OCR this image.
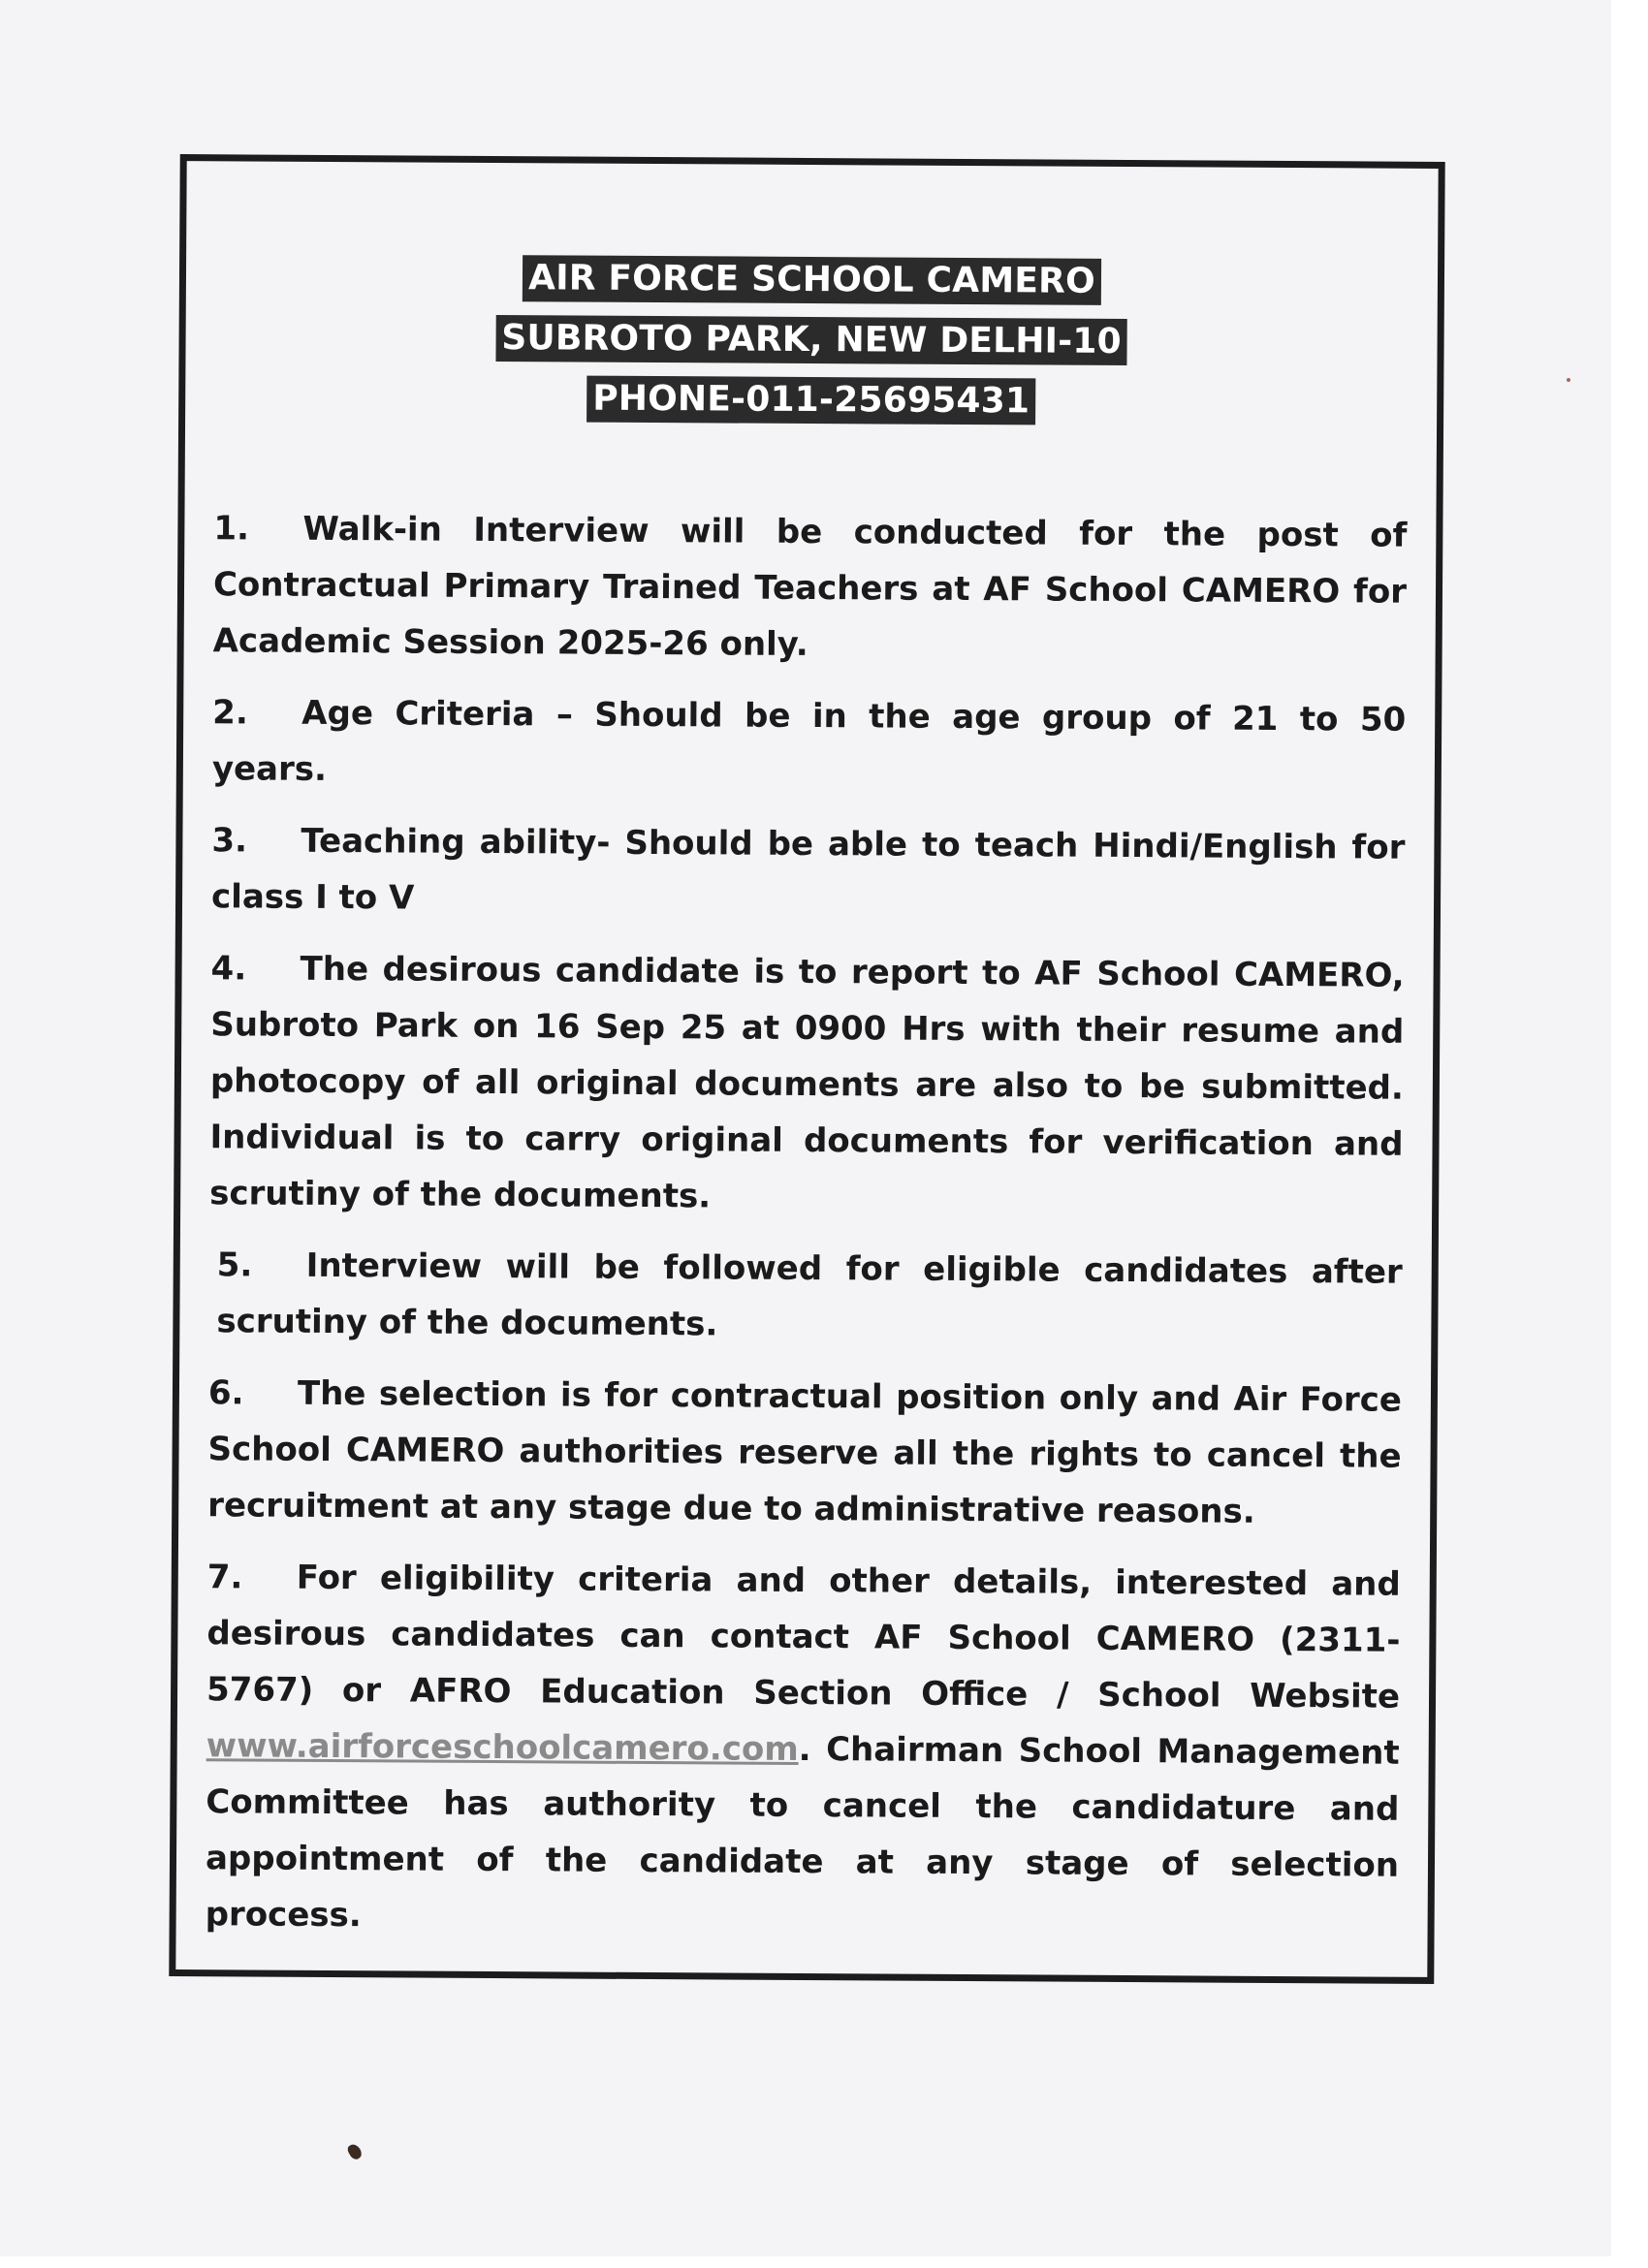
AIR FORCE SCHOOL CAMERO
SUBROTO PARK, NEW DELHI-10
PHONE-011-25695431

1. Walk-in Interview will be conducted for the post of Contractual Primary Trained Teachers at AF School CAMERO for Academic Session 2025-26 only.

2. Age Criteria – Should be in the age group of 21 to 50 years.

3. Teaching ability- Should be able to teach Hindi/English for class I to V

4. The desirous candidate is to report to AF School CAMERO, Subroto Park on 16 Sep 25 at 0900 Hrs with their resume and photocopy of all original documents are also to be submitted. Individual is to carry original documents for verification and scrutiny of the documents.

5. Interview will be followed for eligible candidates after scrutiny of the documents.

6. The selection is for contractual position only and Air Force School CAMERO authorities reserve all the rights to cancel the recruitment at any stage due to administrative reasons.

7. For eligibility criteria and other details, interested and desirous candidates can contact AF School CAMERO (2311-5767) or AFRO Education Section Office / School Website www.airforceschoolcamero.com. Chairman School Management Committee has authority to cancel the candidature and appointment of the candidate at any stage of selection process.
